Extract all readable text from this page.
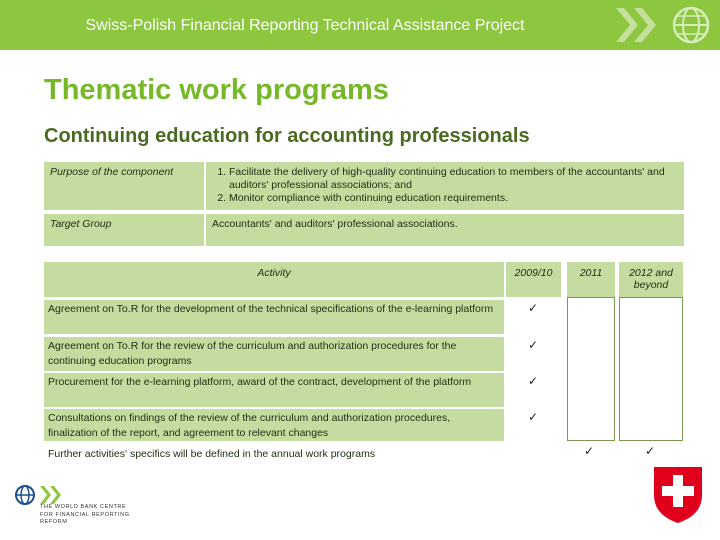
Swiss-Polish Financial Reporting Technical Assistance Project
Thematic work programs
Continuing education for accounting professionals
Purpose of the component
1.	Facilitate the delivery of high-quality continuing education to members of the accountants' and auditors' professional associations; and
2. Monitor compliance with continuing education requirements.
Target Group	Accountants' and auditors' professional associations.
Activity	2009/10	2011	2012 and beyond
Agreement on To.R for the development of the technical specifications of the e-learning platform	✓
Agreement on To.R for the review of the curriculum and authorization procedures for the continuing education programs
✓
Procurement for the e-learning platform, award of the contract, development of the platform	✓
Consultations on findings of the review of the curriculum and authorization procedures, finalization of the report, and agreement to relevant changes
✓
Further activities' specifics will be defined in the annual work programs	✓	✓
THE WORLD BANK CENTRE FOR FINANCIAL REPORTING REFORM
